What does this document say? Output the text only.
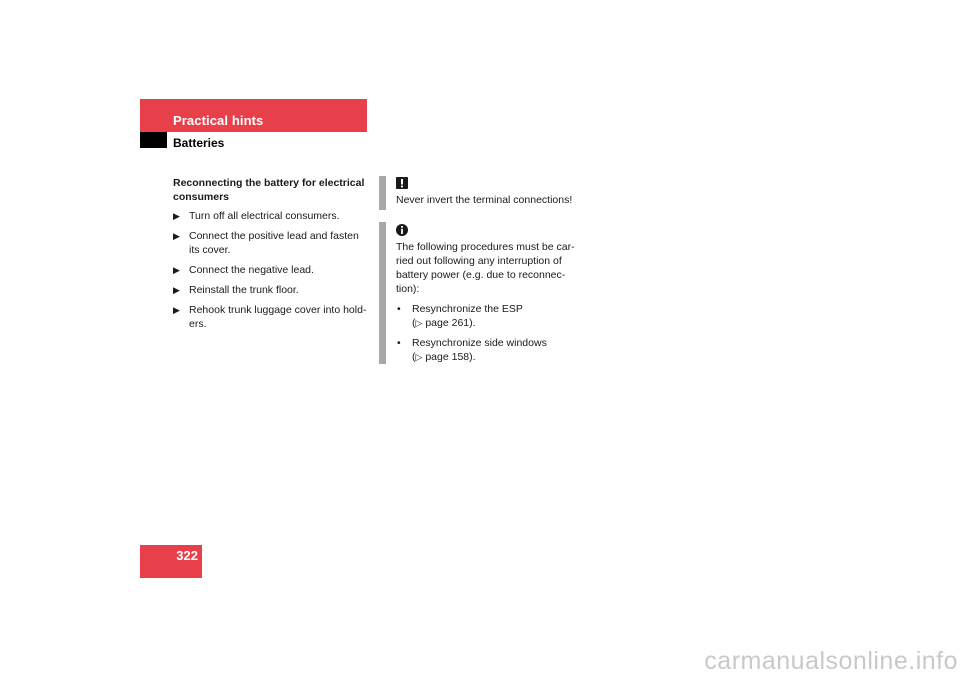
Practical hints
Batteries

Reconnecting the battery for electrical consumers

▶ Turn off all electrical consumers.
▶ Connect the positive lead and fasten its cover.
▶ Connect the negative lead.
▶ Reinstall the trunk floor.
▶ Rehook trunk luggage cover into hold-ers.

Never invert the terminal connections!

The following procedures must be car-ried out following any interruption of battery power (e.g. due to reconnec-tion):

• Resynchronize the ESP
(▷ page 261).
• Resynchronize side windows
(▷ page 158).
322
carmanualsonline.info
